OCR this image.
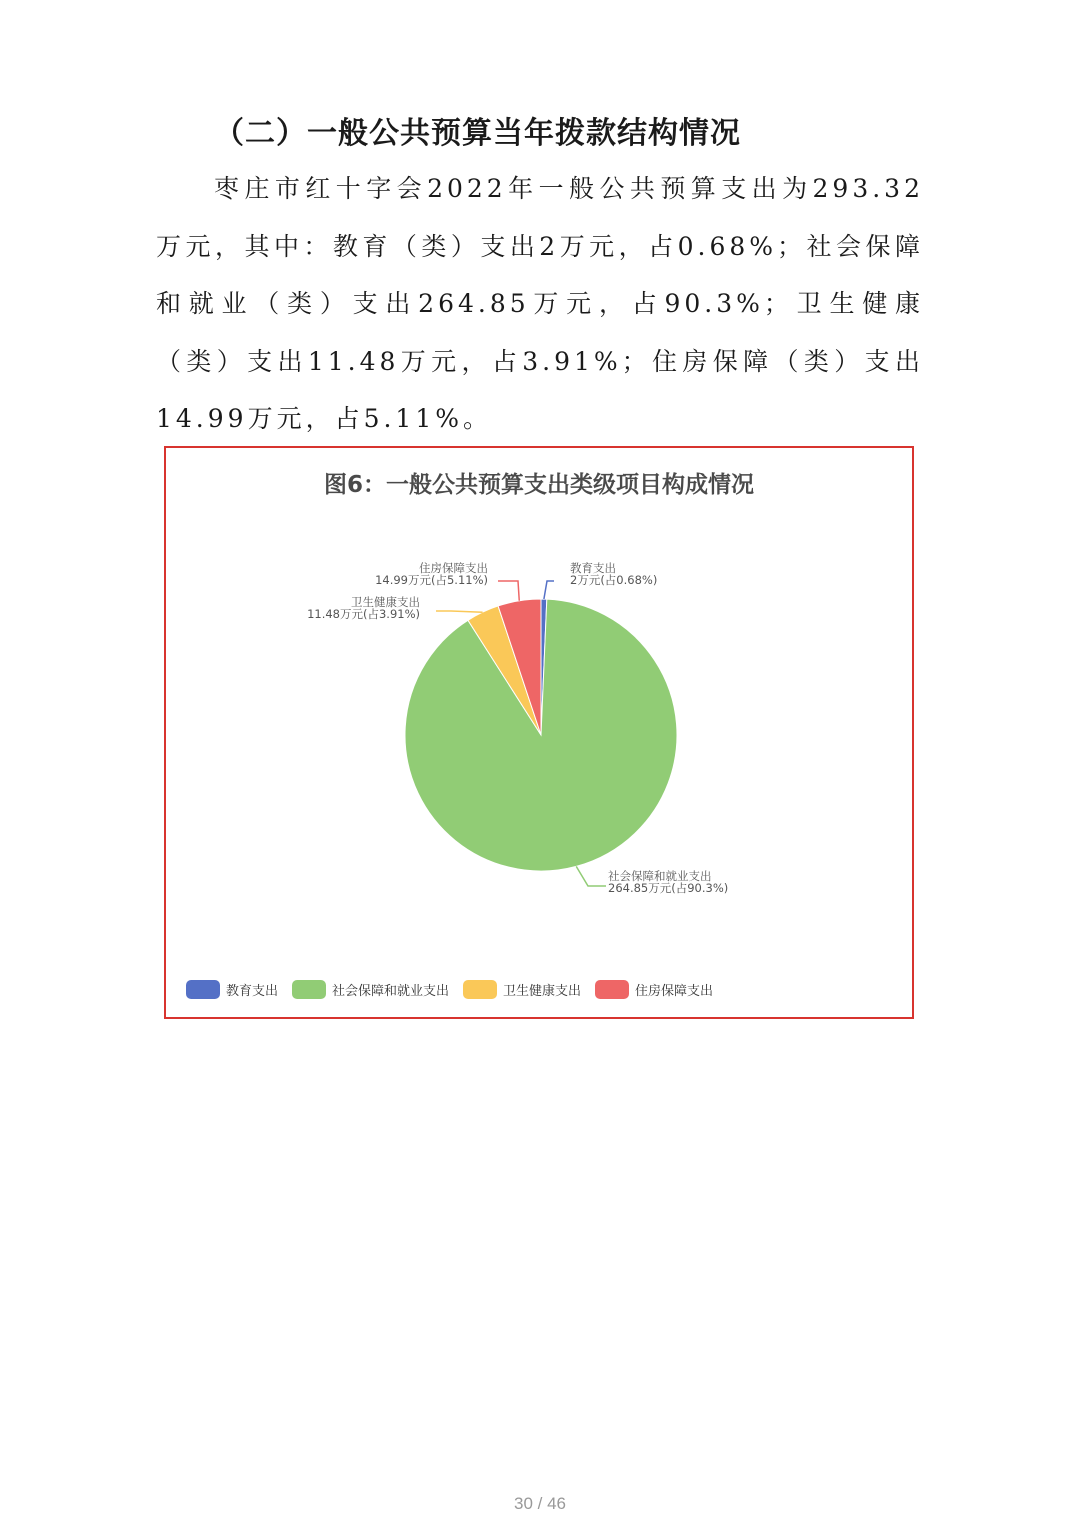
（二）一般公共预算当年拨款结构情况

枣庄市红十字会2022年一般公共预算支出为293.32万元，其中：教育（类）支出2万元，占0.68%；社会保障和就业（类）支出264.85万元，占90.3%；卫生健康（类）支出11.48万元，占3.91%；住房保障（类）支出14.99万元，占5.11%。

图6：一般公共预算支出类级项目构成情况
教育支出
2万元(占0.68%)
社会保障和就业支出
264.85万元(占90.3%)
卫生健康支出
11.48万元(占3.91%)
住房保障支出
14.99万元(占5.11%)
教育支出	社会保障和就业支出	卫生健康支出	住房保障支出
30 / 46
